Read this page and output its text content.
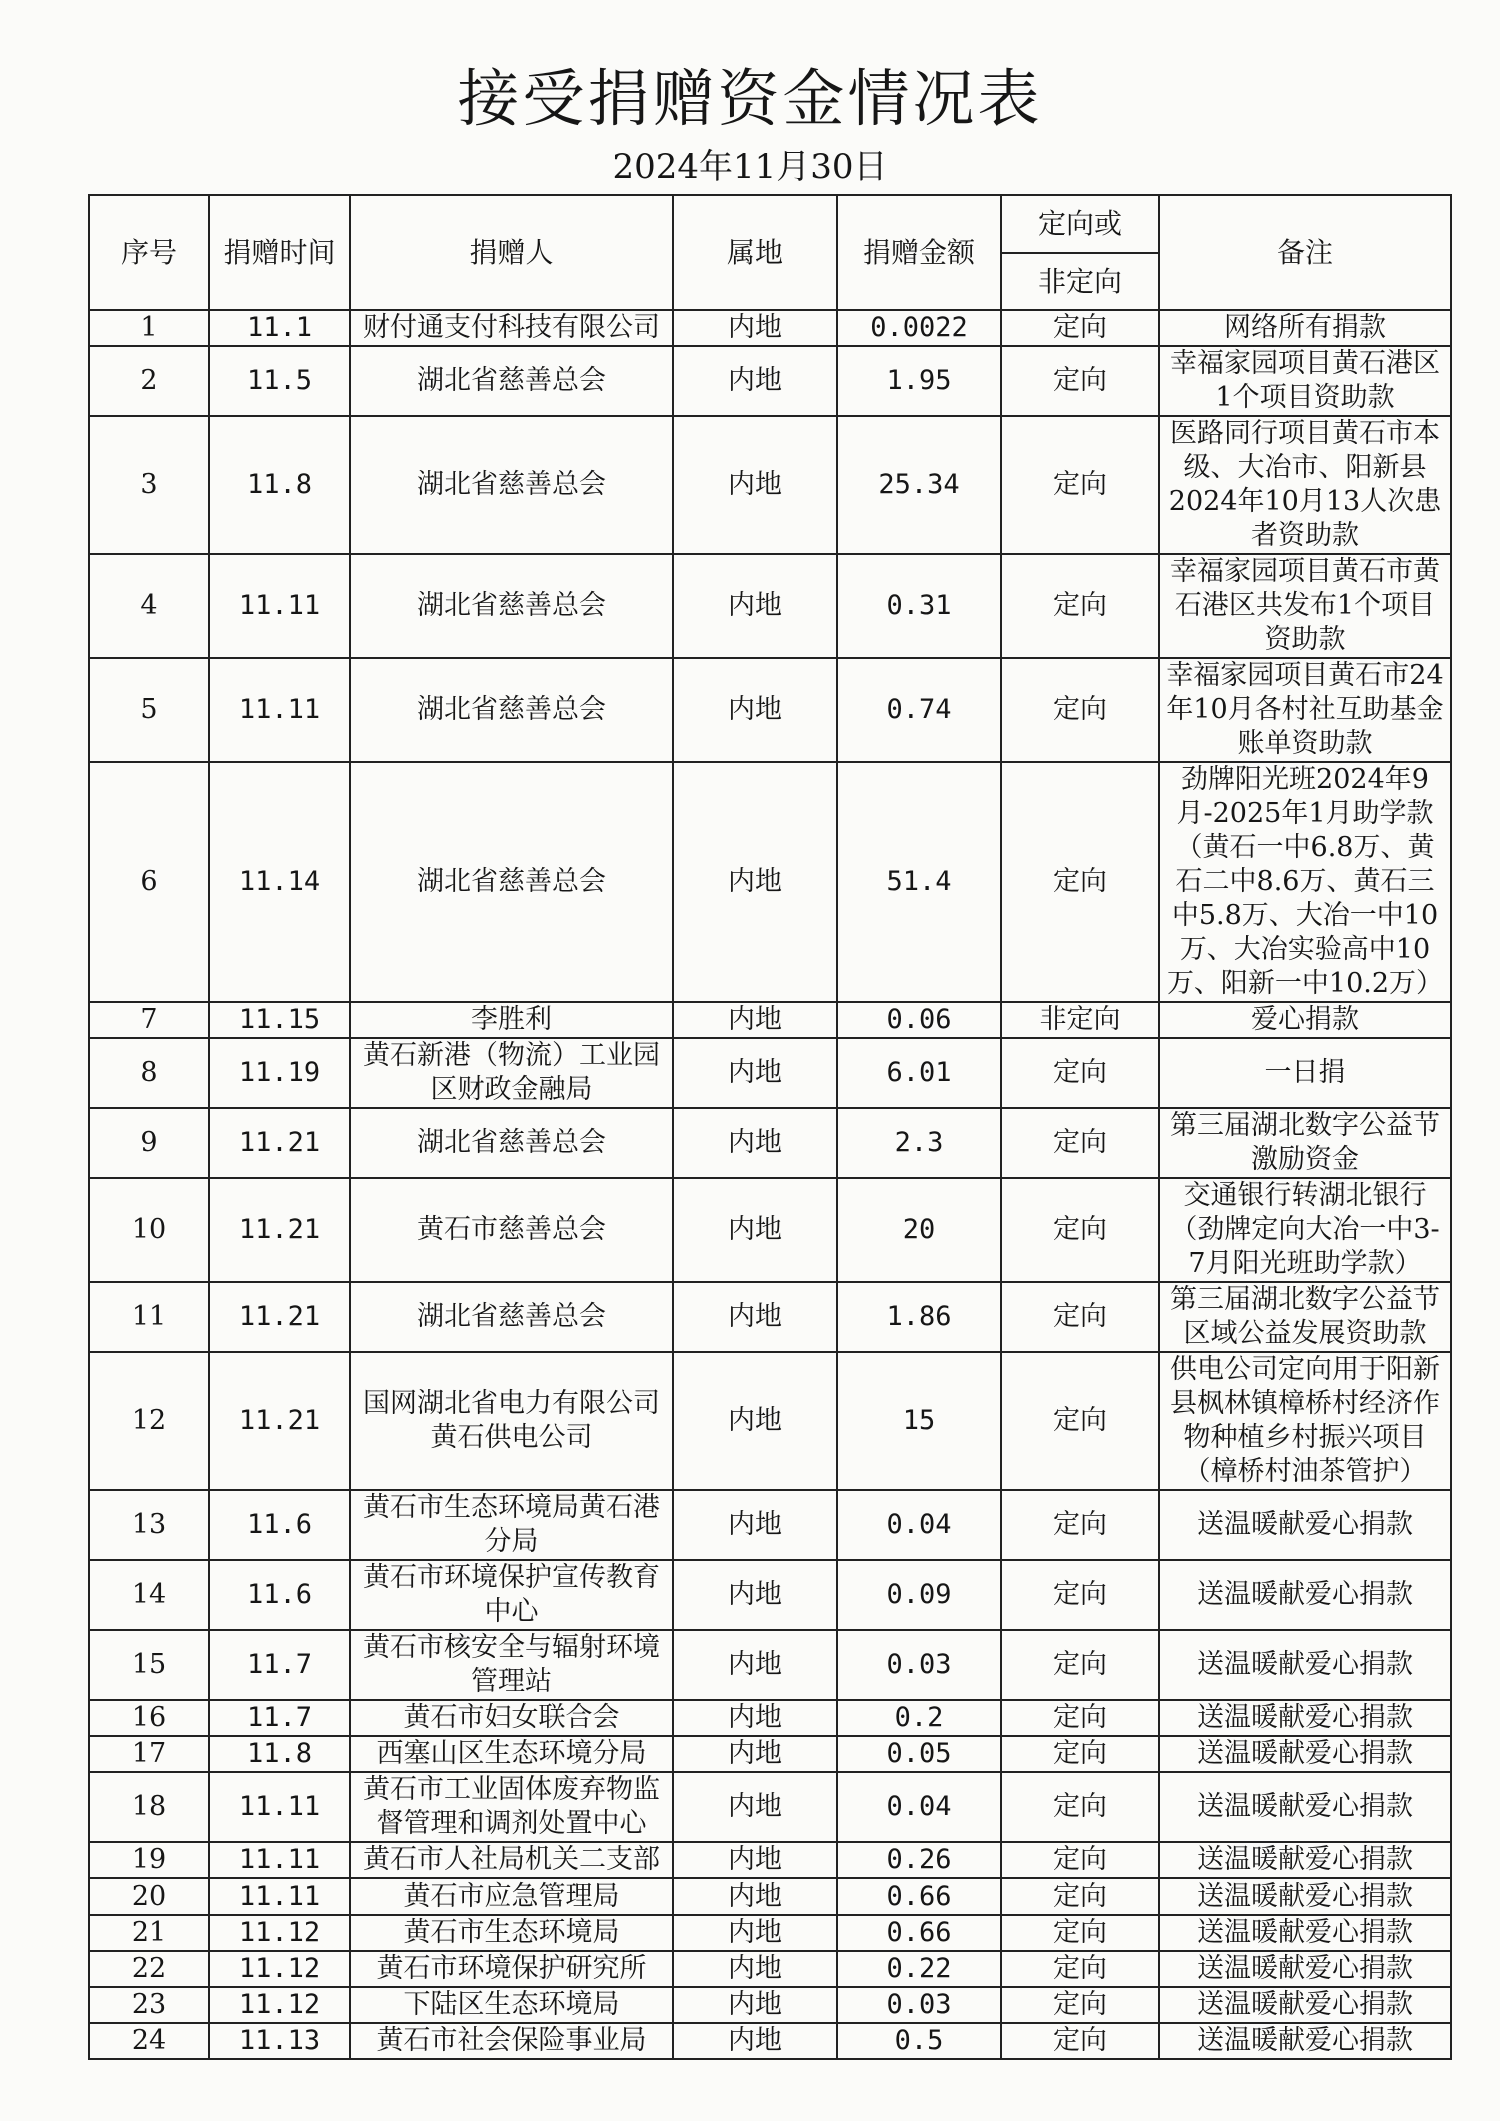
接受捐赠资金情况表
2024年11月30日
序号	捐赠时间	捐赠人	属地	捐赠金额	定向或	备注
					非定向	
1	11.1	财付通支付科技有限公司	内地	0.0022	定向	网络所有捐款
2	11.5	湖北省慈善总会	内地	1.95	定向	幸福家园项目黄石港区1个项目资助款
3	11.8	湖北省慈善总会	内地	25.34	定向	医路同行项目黄石市本级、大冶市、阳新县2024年10月13人次患者资助款
4	11.11	湖北省慈善总会	内地	0.31	定向	幸福家园项目黄石市黄石港区共发布1个项目资助款
5	11.11	湖北省慈善总会	内地	0.74	定向	幸福家园项目黄石市24年10月各村社互助基金账单资助款
6	11.14	湖北省慈善总会	内地	51.4	定向	劲牌阳光班2024年9月-2025年1月助学款（黄石一中6.8万、黄石二中8.6万、黄石三中5.8万、大冶一中10万、大冶实验高中10万、阳新一中10.2万）
7	11.15	李胜利	内地	0.06	非定向	爱心捐款
8	11.19	黄石新港（物流）工业园区财政金融局	内地	6.01	定向	一日捐
9	11.21	湖北省慈善总会	内地	2.3	定向	第三届湖北数字公益节激励资金
10	11.21	黄石市慈善总会	内地	20	定向	交通银行转湖北银行（劲牌定向大冶一中3-7月阳光班助学款）
11	11.21	湖北省慈善总会	内地	1.86	定向	第三届湖北数字公益节区域公益发展资助款
12	11.21	国网湖北省电力有限公司黄石供电公司	内地	15	定向	供电公司定向用于阳新县枫林镇樟桥村经济作物种植乡村振兴项目（樟桥村油茶管护）
13	11.6	黄石市生态环境局黄石港分局	内地	0.04	定向	送温暖献爱心捐款
14	11.6	黄石市环境保护宣传教育中心	内地	0.09	定向	送温暖献爱心捐款
15	11.7	黄石市核安全与辐射环境管理站	内地	0.03	定向	送温暖献爱心捐款
16	11.7	黄石市妇女联合会	内地	0.2	定向	送温暖献爱心捐款
17	11.8	西塞山区生态环境分局	内地	0.05	定向	送温暖献爱心捐款
18	11.11	黄石市工业固体废弃物监督管理和调剂处置中心	内地	0.04	定向	送温暖献爱心捐款
19	11.11	黄石市人社局机关二支部	内地	0.26	定向	送温暖献爱心捐款
20	11.11	黄石市应急管理局	内地	0.66	定向	送温暖献爱心捐款
21	11.12	黄石市生态环境局	内地	0.66	定向	送温暖献爱心捐款
22	11.12	黄石市环境保护研究所	内地	0.22	定向	送温暖献爱心捐款
23	11.12	下陆区生态环境局	内地	0.03	定向	送温暖献爱心捐款
24	11.13	黄石市社会保险事业局	内地	0.5	定向	送温暖献爱心捐款
